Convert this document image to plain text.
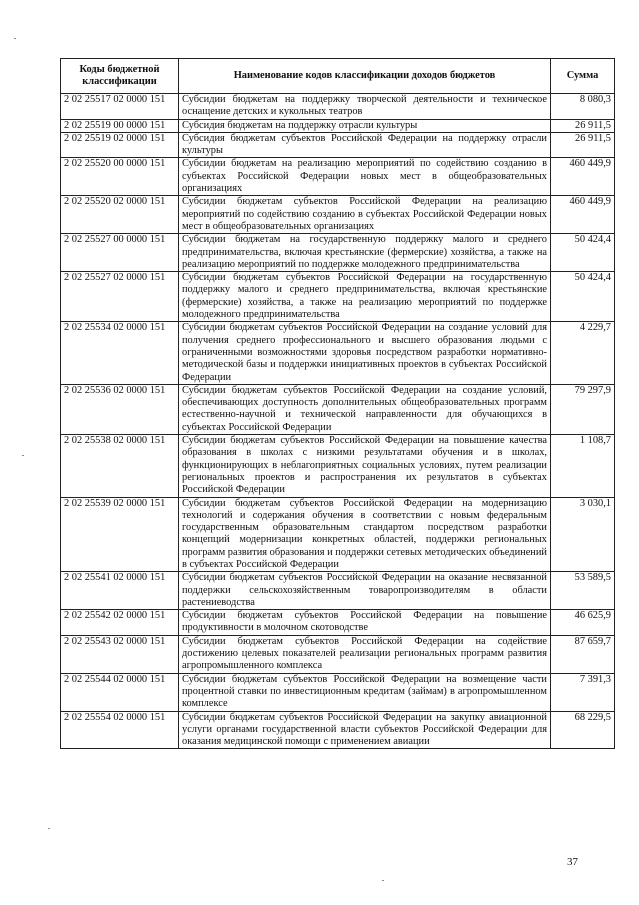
Коды бюджетной классификации	Наименование кодов классификации доходов бюджетов	Сумма
2 02 25517 02 0000 151	Субсидии бюджетам на поддержку творческой деятельности и техническое оснащение детских и кукольных театров	8 080,3
2 02 25519 00 0000 151	Субсидия бюджетам на поддержку отрасли культуры	26 911,5
2 02 25519 02 0000 151	Субсидия бюджетам субъектов Российской Федерации на поддержку отрасли культуры	26 911,5
2 02 25520 00 0000 151	Субсидии бюджетам на реализацию мероприятий по содействию созданию в субъектах Российской Федерации новых мест в общеобразовательных организациях	460 449,9
2 02 25520 02 0000 151	Субсидии бюджетам субъектов Российской Федерации на реализацию мероприятий по содействию созданию в субъектах Российской Федерации новых мест в общеобразовательных организациях	460 449,9
2 02 25527 00 0000 151	Субсидии бюджетам на государственную поддержку малого и среднего предпринимательства, включая крестьянские (фермерские) хозяйства, а также на реализацию мероприятий по поддержке молодежного предпринимательства	50 424,4
2 02 25527 02 0000 151	Субсидии бюджетам субъектов Российской Федерации на государственную поддержку малого и среднего предпринимательства, включая крестьянские (фермерские) хозяйства, а также на реализацию мероприятий по поддержке молодежного предпринимательства	50 424,4
2 02 25534 02 0000 151	Субсидии бюджетам субъектов Российской Федерации на создание условий для получения среднего профессионального и высшего образования людьми с ограниченными возможностями здоровья посредством разработки нормативно-методической базы и поддержки инициативных проектов в субъектах Российской Федерации	4 229,7
2 02 25536 02 0000 151	Субсидии бюджетам субъектов Российской Федерации на создание условий, обеспечивающих доступность дополнительных общеобразовательных программ естественно-научной и технической направленности для обучающихся в субъектах Российской Федерации	79 297,9
2 02 25538 02 0000 151	Субсидии бюджетам субъектов Российской Федерации на повышение качества образования в школах с низкими результатами обучения и в школах, функционирующих в неблагоприятных социальных условиях, путем реализации региональных проектов и распространения их результатов в субъектах Российской Федерации	1 108,7
2 02 25539 02 0000 151	Субсидии бюджетам субъектов Российской Федерации на модернизацию технологий и содержания обучения в соответствии с новым федеральным государственным образовательным стандартом посредством разработки концепций модернизации конкретных областей, поддержки региональных программ развития образования и поддержки сетевых методических объединений в субъектах Российской Федерации	3 030,1
2 02 25541 02 0000 151	Субсидии бюджетам субъектов Российской Федерации на оказание несвязанной поддержки сельскохозяйственным товаропроизводителям в области растениеводства	53 589,5
2 02 25542 02 0000 151	Субсидии бюджетам субъектов Российской Федерации на повышение продуктивности в молочном скотоводстве	46 625,9
2 02 25543 02 0000 151	Субсидии бюджетам субъектов Российской Федерации на содействие достижению целевых показателей реализации региональных программ развития агропромышленного комплекса	87 659,7
2 02 25544 02 0000 151	Субсидии бюджетам субъектов Российской Федерации на возмещение части процентной ставки по инвестиционным кредитам (займам) в агропромышленном комплексе	7 391,3
2 02 25554 02 0000 151	Субсидии бюджетам субъектов Российской Федерации на закупку авиационной услуги органами государственной власти субъектов Российской Федерации для оказания медицинской помощи с применением авиации	68 229,5
37
